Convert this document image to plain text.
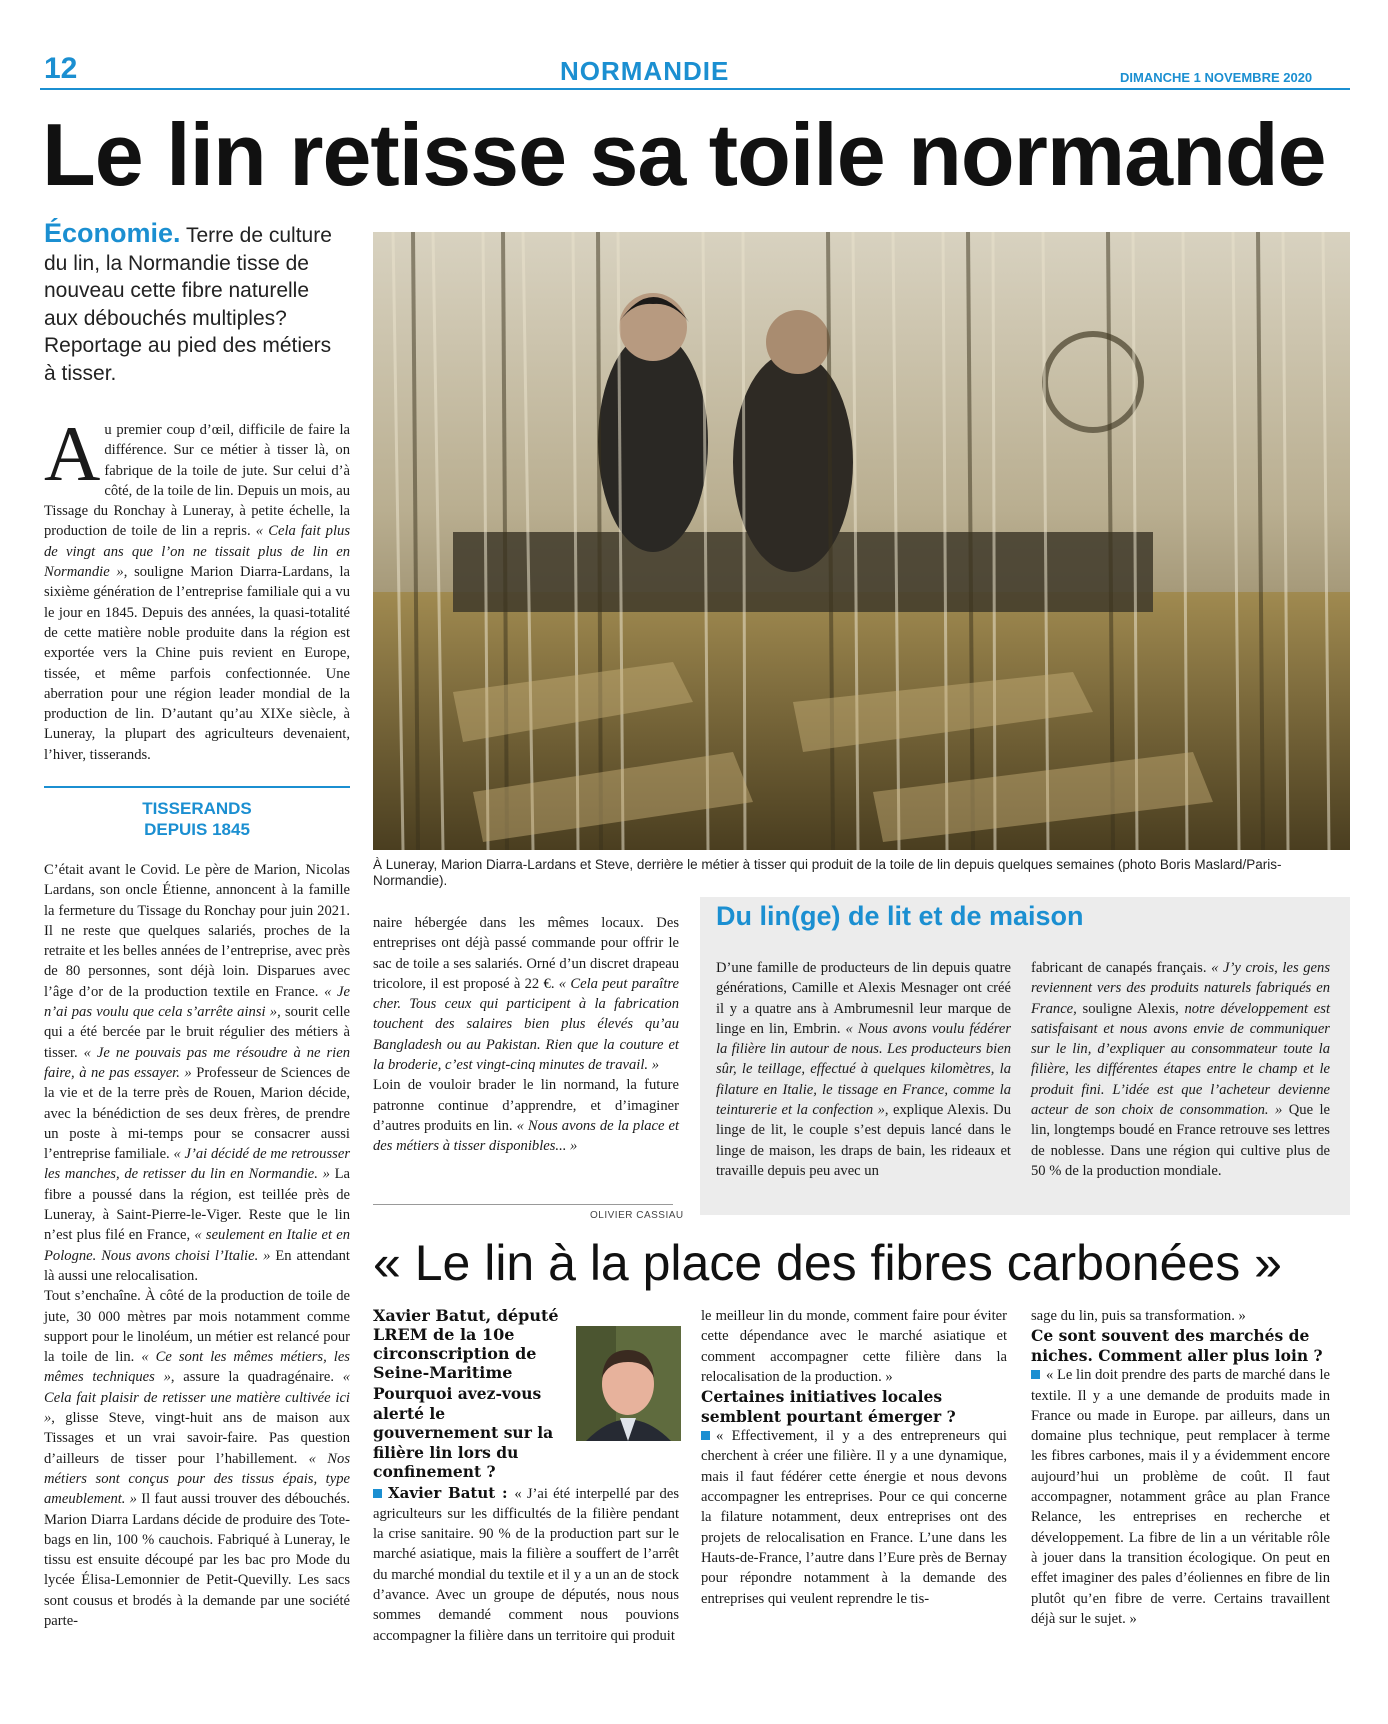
12	NORMANDIE	DIMANCHE 1 NOVEMBRE 2020
Le lin retisse sa toile normande
Économie. Terre de culture du lin, la Normandie tisse de nouveau cette fibre naturelle aux débouchés multiples? Reportage au pied des métiers à tisser.
Au premier coup d’œil, difficile de faire la différence. Sur ce métier à tisser là, on fabrique de la toile de jute. Sur celui d’à côté, de la toile de lin. Depuis un mois, au Tissage du Ronchay à Luneray, à petite échelle, la production de toile de lin a repris. « Cela fait plus de vingt ans que l’on ne tissait plus de lin en Normandie », souligne Marion Diarra-Lardans, la sixième génération de l’entreprise familiale qui a vu le jour en 1845. Depuis des années, la quasi-totalité de cette matière noble produite dans la région est exportée vers la Chine puis revient en Europe, tissée, et même parfois confectionnée. Une aberration pour une région leader mondial de la production de lin. D’autant qu’au XIXe siècle, à Luneray, la plupart des agriculteurs devenaient, l’hiver, tisserands.
TISSERANDS
DEPUIS 1845
C’était avant le Covid. Le père de Marion, Nicolas Lardans, son oncle Étienne, annoncent à la famille la fermeture du Tissage du Ronchay pour juin 2021. Il ne reste que quelques salariés, proches de la retraite et les belles années de l’entreprise, avec près de 80 personnes, sont déjà loin. Disparues avec l’âge d’or de la production textile en France. « Je n’ai pas voulu que cela s’arrête ainsi », sourit celle qui a été bercée par le bruit régulier des métiers à tisser. « Je ne pouvais pas me résoudre à ne rien faire, à ne pas essayer. » Professeur de Sciences de la vie et de la terre près de Rouen, Marion décide, avec la bénédiction de ses deux frères, de prendre un poste à mi-temps pour se consacrer aussi l’entreprise familiale. « J’ai décidé de me retrousser les manches, de retisser du lin en Normandie. » La fibre a poussé dans la région, est teillée près de Luneray, à Saint-Pierre-le-Viger. Reste que le lin n’est plus filé en France, « seulement en Italie et en Pologne. Nous avons choisi l’Italie. » En attendant là aussi une relocalisation.
Tout s’enchaîne. À côté de la production de toile de jute, 30 000 mètres par mois notamment comme support pour le linoléum, un métier est relancé pour la toile de lin. « Ce sont les mêmes métiers, les mêmes techniques », assure la quadragénaire. « Cela fait plaisir de retisser une matière cultivée ici », glisse Steve, vingt-huit ans de maison aux Tissages et un vrai savoir-faire. Pas question d’ailleurs de tisser pour l’habillement. « Nos métiers sont conçus pour des tissus épais, type ameublement. » Il faut aussi trouver des débouchés. Marion Diarra Lardans décide de produire des Tote-bags en lin, 100 % cauchois. Fabriqué à Luneray, le tissu est ensuite découpé par les bac pro Mode du lycée Élisa-Lemonnier de Petit-Quevilly. Les sacs sont cousus et brodés à la demande par une société parte-
À Luneray, Marion Diarra-Lardans et Steve, derrière le métier à tisser qui produit de la toile de lin depuis quelques semaines (photo Boris Maslard/Paris-Normandie).
naire hébergée dans les mêmes locaux. Des entreprises ont déjà passé commande pour offrir le sac de toile a ses salariés. Orné d’un discret drapeau tricolore, il est proposé à 22 €. « Cela peut paraître cher. Tous ceux qui participent à la fabrication touchent des salaires bien plus élevés qu’au Bangladesh ou au Pakistan. Rien que la couture et la broderie, c’est vingt-cinq minutes de travail. »
Loin de vouloir brader le lin normand, la future patronne continue d’apprendre, et d’imaginer d’autres produits en lin. « Nous avons de la place et des métiers à tisser disponibles... »
OLIVIER CASSIAU
Du lin(ge) de lit et de maison
D’une famille de producteurs de lin depuis quatre générations, Camille et Alexis Mesnager ont créé il y a quatre ans à Ambrumesnil leur marque de linge en lin, Embrin. « Nous avons voulu fédérer la filière lin autour de nous. Les producteurs bien sûr, le teillage, effectué à quelques kilomètres, la filature en Italie, le tissage en France, comme la teinturerie et la confection », explique Alexis. Du linge de lit, le couple s’est depuis lancé dans le linge de maison, les draps de bain, les rideaux et travaille depuis peu avec un
fabricant de canapés français. « J’y crois, les gens reviennent vers des produits naturels fabriqués en France, souligne Alexis, notre développement est satisfaisant et nous avons envie de communiquer sur le lin, d’expliquer au consommateur toute la filière, les différentes étapes entre le champ et le produit fini. L’idée est que l’acheteur devienne acteur de son choix de consommation. » Que le lin, longtemps boudé en France retrouve ses lettres de noblesse. Dans une région qui cultive plus de 50 % de la production mondiale.
« Le lin à la place des fibres carbonées »
Xavier Batut, député LREM de la 10e circonscription de Seine-Maritime
Pourquoi avez-vous alerté le gouvernement sur la filière lin lors du confinement ?
Xavier Batut : « J’ai été interpellé par des agriculteurs sur les difficultés de la filière pendant la crise sanitaire. 90 % de la production part sur le marché asiatique, mais la filière a souffert de l’arrêt du marché mondial du textile et il y a un an de stock d’avance. Avec un groupe de députés, nous nous sommes demandé comment nous pouvions accompagner la filière dans un territoire qui produit
le meilleur lin du monde, comment faire pour éviter cette dépendance avec le marché asiatique et comment accompagner cette filière dans la relocalisation de la production. »
Certaines initiatives locales semblent pourtant émerger ?
« Effectivement, il y a des entrepreneurs qui cherchent à créer une filière. Il y a une dynamique, mais il faut fédérer cette énergie et nous devons accompagner les entreprises. Pour ce qui concerne la filature notamment, deux entreprises ont des projets de relocalisation en France. L’une dans les Hauts-de-France, l’autre dans l’Eure près de Bernay pour répondre notamment à la demande des entreprises qui veulent reprendre le tis-
sage du lin, puis sa transformation. »
Ce sont souvent des marchés de niches. Comment aller plus loin ?
« Le lin doit prendre des parts de marché dans le textile. Il y a une demande de produits made in France ou made in Europe. par ailleurs, dans un domaine plus technique, peut remplacer à terme les fibres carbones, mais il y a évidemment encore aujourd’hui un problème de coût. Il faut accompagner, notamment grâce au plan France Relance, les entreprises en recherche et développement. La fibre de lin a un véritable rôle à jouer dans la transition écologique. On peut en effet imaginer des pales d’éoliennes en fibre de lin plutôt qu’en fibre de verre. Certains travaillent déjà sur le sujet. »
